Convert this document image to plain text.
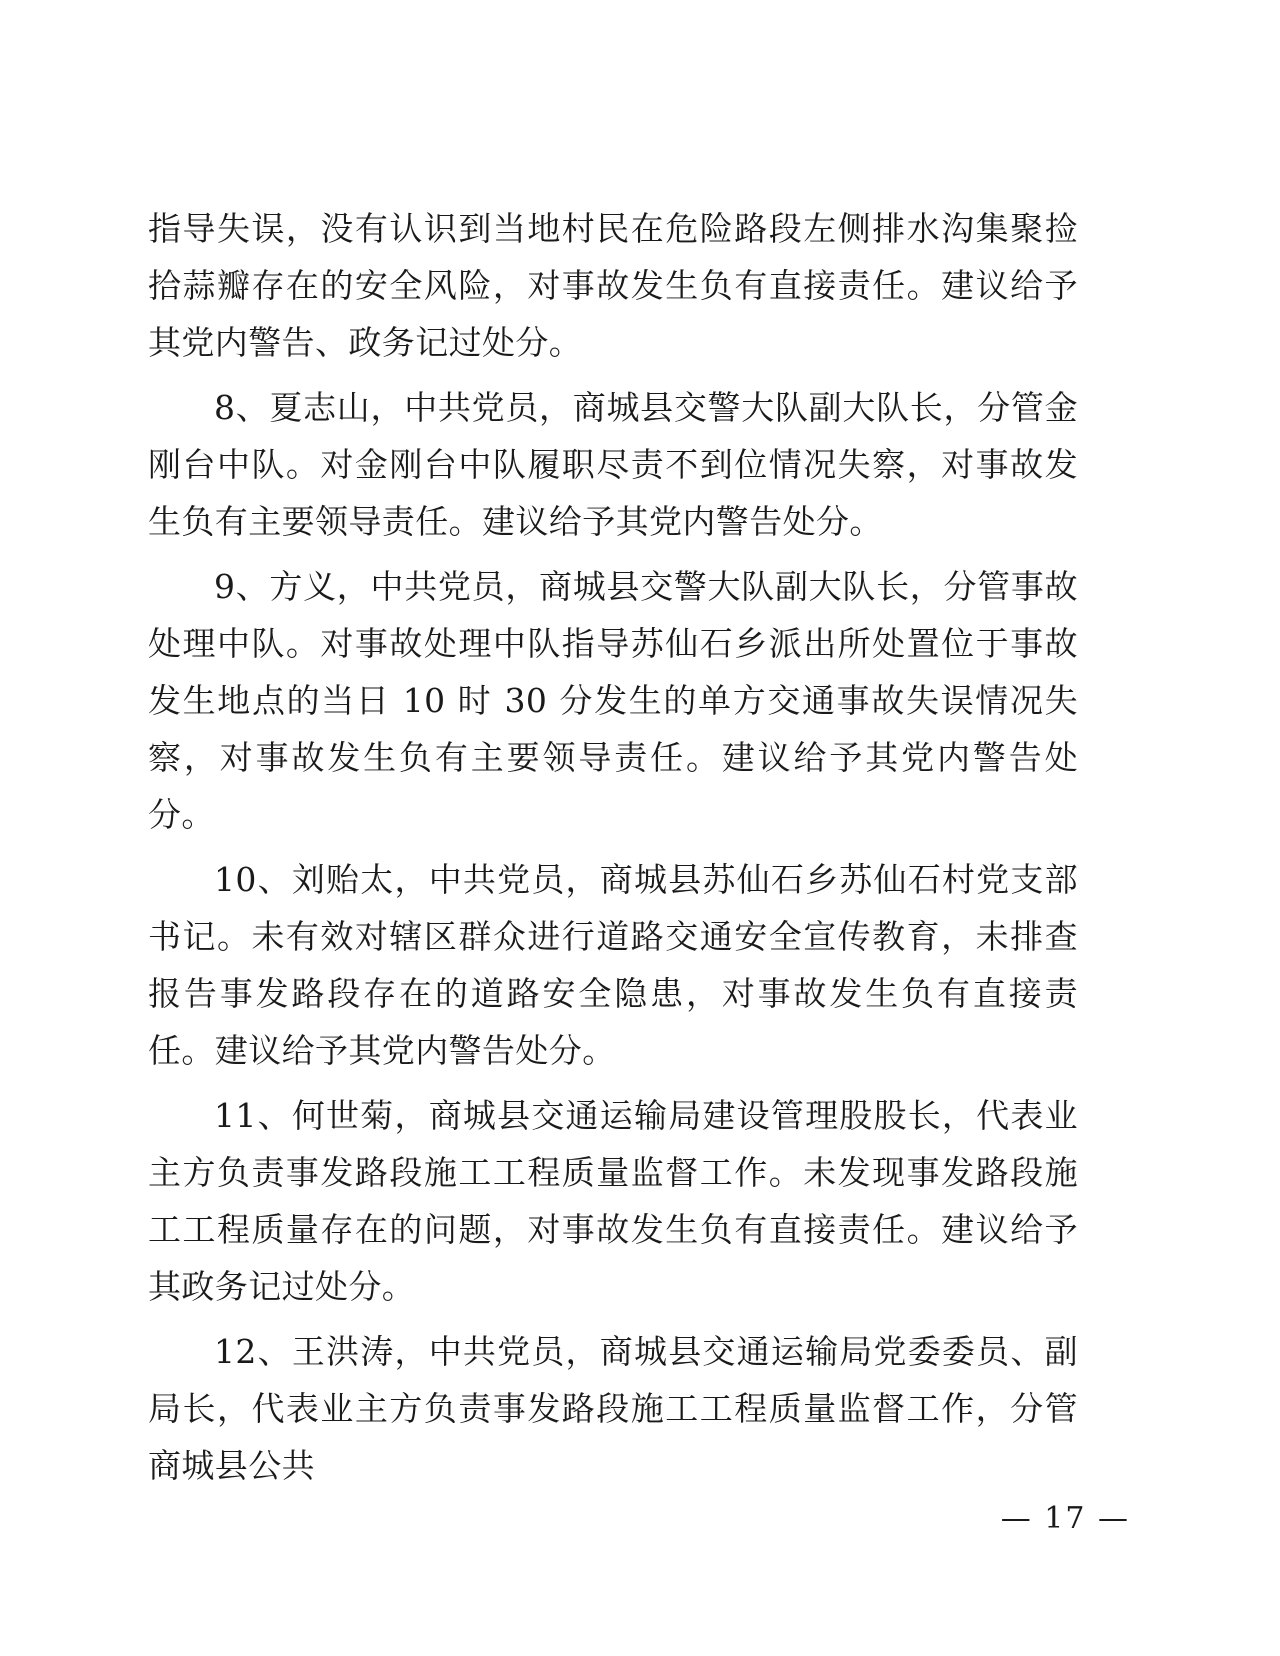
指导失误，没有认识到当地村民在危险路段左侧排水沟集聚捡拾蒜瓣存在的安全风险，对事故发生负有直接责任。建议给予其党内警告、政务记过处分。

8、夏志山，中共党员，商城县交警大队副大队长，分管金刚台中队。对金刚台中队履职尽责不到位情况失察，对事故发生负有主要领导责任。建议给予其党内警告处分。

9、方义，中共党员，商城县交警大队副大队长，分管事故处理中队。对事故处理中队指导苏仙石乡派出所处置位于事故发生地点的当日 10 时 30 分发生的单方交通事故失误情况失察，对事故发生负有主要领导责任。建议给予其党内警告处分。

10、刘贻太，中共党员，商城县苏仙石乡苏仙石村党支部书记。未有效对辖区群众进行道路交通安全宣传教育，未排查报告事发路段存在的道路安全隐患，对事故发生负有直接责任。建议给予其党内警告处分。

11、何世菊，商城县交通运输局建设管理股股长，代表业主方负责事发路段施工工程质量监督工作。未发现事发路段施工工程质量存在的问题，对事故发生负有直接责任。建议给予其政务记过处分。

12、王洪涛，中共党员，商城县交通运输局党委委员、副局长，代表业主方负责事发路段施工工程质量监督工作，分管商城县公共

— 17 —
